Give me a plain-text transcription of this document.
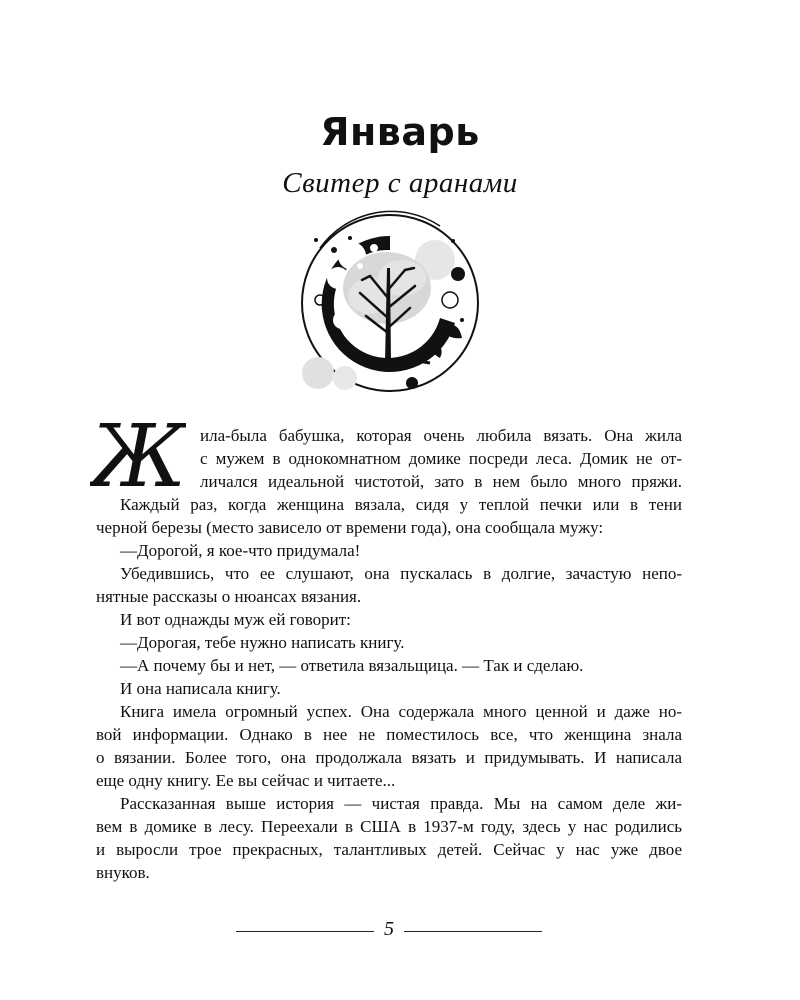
Январь
Свитер с аранами
Ж ила-была бабушка, которая очень любила вязать. Она жила
с мужем в однокомнатном домике посреди леса. Домик не от-
личался идеальной чистотой, зато в нем было много пряжи.
Каждый раз, когда женщина вязала, сидя у теплой печки или в тени
черной березы (место зависело от времени года), она сообщала мужу:
—Дорогой, я кое-что придумала!
Убедившись, что ее слушают, она пускалась в долгие, зачастую непо-
нятные рассказы о нюансах вязания.
И вот однажды муж ей говорит:
—Дорогая, тебе нужно написать книгу.
—А почему бы и нет, — ответила вязальщица. — Так и сделаю.
И она написала книгу.
Книга имела огромный успех. Она содержала много ценной и даже но-
вой информации. Однако в нее не поместилось все, что женщина знала
о вязании. Более того, она продолжала вязать и придумывать. И написала
еще одну книгу. Ее вы сейчас и читаете...
Рассказанная выше история — чистая правда. Мы на самом деле жи-
вем в домике в лесу. Переехали в США в 1937-м году, здесь у нас родились
и выросли трое прекрасных, талантливых детей. Сейчас у нас уже двое
внуков.
5
